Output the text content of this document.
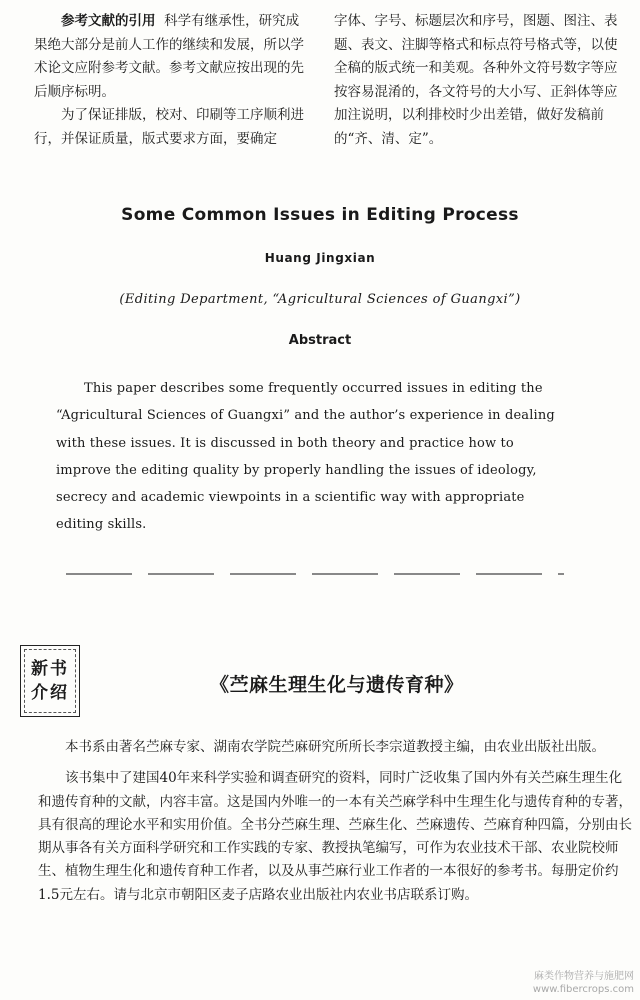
参考文献的引用 科学有继承性，研究成果绝大部分是前人工作的继续和发展，所以学术论文应附参考文献。参考文献应按出现的先后顺序标明。

为了保证排版，校对、印刷等工序顺利进行，并保证质量，版式要求方面，要确定

字体、字号、标题层次和序号，图题、图注、表题、表文、注脚等格式和标点符号格式等，以使全稿的版式统一和美观。各种外文符号数字等应按容易混淆的，各文符号的大小写、正斜体等应加注说明，以利排校时少出差错，做好发稿前的“齐、清、定”。

Some Common Issues in Editing Process
Huang Jingxian
(Editing Department, “Agricultural Sciences of Guangxi”)
Abstract
This paper describes some frequently occurred issues in editing the
“Agricultural Sciences of Guangxi” and the author’s experience in dealing
with these issues. It is discussed in both theory and practice how to
improve the editing quality by properly handling the issues of ideology,
secrecy and academic viewpoints in a scientific way with appropriate
editing skills.
新书
介绍	《苎麻生理生化与遗传育种》

本书系由著名苎麻专家、湖南农学院苎麻研究所所长李宗道教授主编，由农业出版社出版。

该书集中了建国40年来科学实验和调查研究的资料，同时广泛收集了国内外有关苎麻生理生化和遗传育种的文献，内容丰富。这是国内外唯一的一本有关苎麻学科中生理生化与遗传育种的专著，具有很高的理论水平和实用价值。全书分苎麻生理、苎麻生化、苎麻遗传、苎麻育种四篇，分别由长期从事各有关方面科学研究和工作实践的专家、教授执笔编写，可作为农业技术干部、农业院校师生、植物生理生化和遗传育种工作者，以及从事苎麻行业工作者的一本很好的参考书。每册定价约1.5元左右。请与北京市朝阳区麦子店路农业出版社内农业书店联系订购。

麻类作物营养与施肥网
www.fibercrops.com
